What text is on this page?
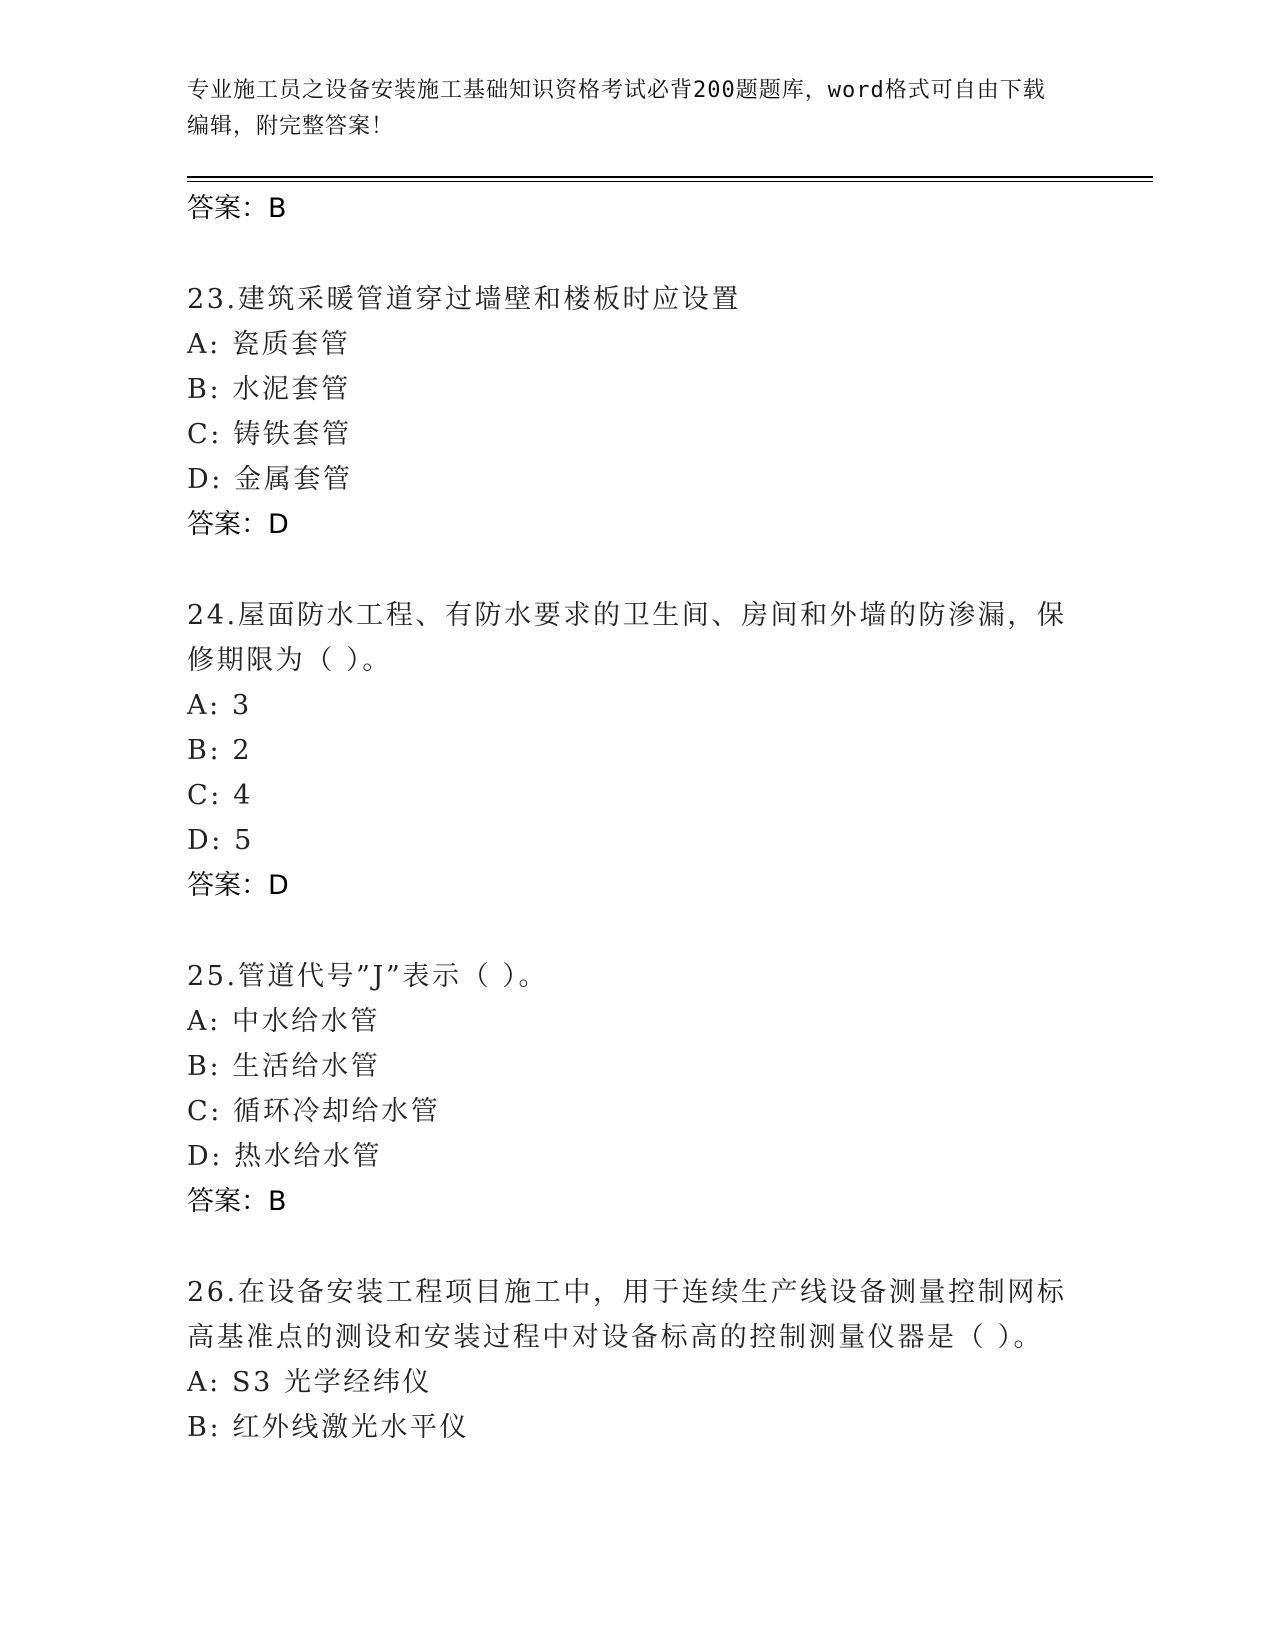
专业施工员之设备安装施工基础知识资格考试必背200题题库，word格式可自由下载编辑，附完整答案！
答案：B
23.建筑采暖管道穿过墙壁和楼板时应设置
A: 瓷质套管
B: 水泥套管
C: 铸铁套管
D: 金属套管
答案：D
24.屋面防水工程、有防水要求的卫生间、房间和外墙的防渗漏，保修期限为（ ）。
A: 3
B: 2
C: 4
D: 5
答案：D
25.管道代号”J”表示（ ）。
A: 中水给水管
B: 生活给水管
C: 循环冷却给水管
D: 热水给水管
答案：B
26.在设备安装工程项目施工中，用于连续生产线设备测量控制网标高基准点的测设和安装过程中对设备标高的控制测量仪器是（ ）。
A: S3 光学经纬仪
B: 红外线激光水平仪
